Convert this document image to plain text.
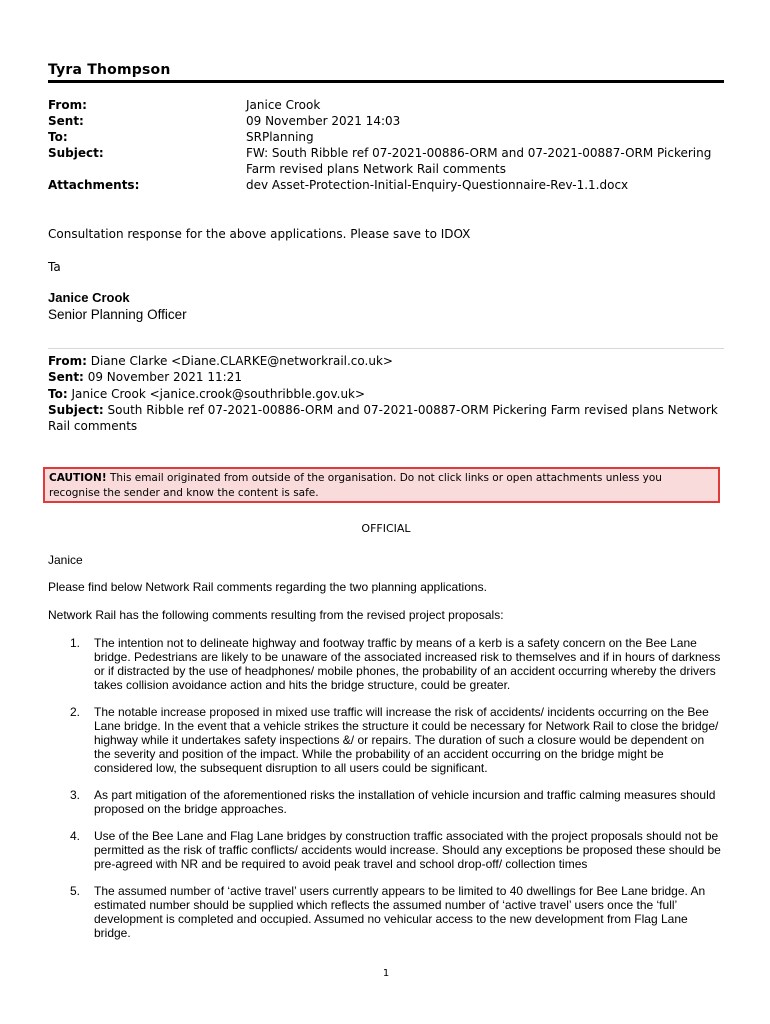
Tyra Thompson
From:	Janice Crook
Sent:	09 November 2021 14:03
To:	SRPlanning
Subject:	FW: South Ribble ref 07-2021-00886-ORM and 07-2021-00887-ORM Pickering Farm revised plans Network Rail comments
Attachments:	dev Asset-Protection-Initial-Enquiry-Questionnaire-Rev-1.1.docx
Consultation response for the above applications. Please save to IDOX
Ta
Janice Crook
Senior Planning Officer
From: Diane Clarke <Diane.CLARKE@networkrail.co.uk>
Sent: 09 November 2021 11:21
To: Janice Crook <janice.crook@southribble.gov.uk>
Subject: South Ribble ref 07-2021-00886-ORM and 07-2021-00887-ORM Pickering Farm revised plans Network Rail comments
CAUTION! This email originated from outside of the organisation. Do not click links or open attachments unless you recognise the sender and know the content is safe.
OFFICIAL
Janice
Please find below Network Rail comments regarding the two planning applications.
Network Rail has the following comments resulting from the revised project proposals:
1.	The intention not to delineate highway and footway traffic by means of a kerb is a safety concern on the Bee Lane bridge. Pedestrians are likely to be unaware of the associated increased risk to themselves and if in hours of darkness or if distracted by the use of headphones/ mobile phones, the probability of an accident occurring whereby the drivers takes collision avoidance action and hits the bridge structure, could be greater.
2.	The notable increase proposed in mixed use traffic will increase the risk of accidents/ incidents occurring on the Bee Lane bridge. In the event that a vehicle strikes the structure it could be necessary for Network Rail to close the bridge/ highway while it undertakes safety inspections &/ or repairs. The duration of such a closure would be dependent on the severity and position of the impact. While the probability of an accident occurring on the bridge might be considered low, the subsequent disruption to all users could be significant.
3.	As part mitigation of the aforementioned risks the installation of vehicle incursion and traffic calming measures should proposed on the bridge approaches.
4.	Use of the Bee Lane and Flag Lane bridges by construction traffic associated with the project proposals should not be permitted as the risk of traffic conflicts/ accidents would increase. Should any exceptions be proposed these should be pre-agreed with NR and be required to avoid peak travel and school drop-off/ collection times
5.	The assumed number of ‘active travel’ users currently appears to be limited to 40 dwellings for Bee Lane bridge. An estimated number should be supplied which reflects the assumed number of ‘active travel’ users once the ‘full’ development is completed and occupied. Assumed no vehicular access to the new development from Flag Lane bridge.
1
